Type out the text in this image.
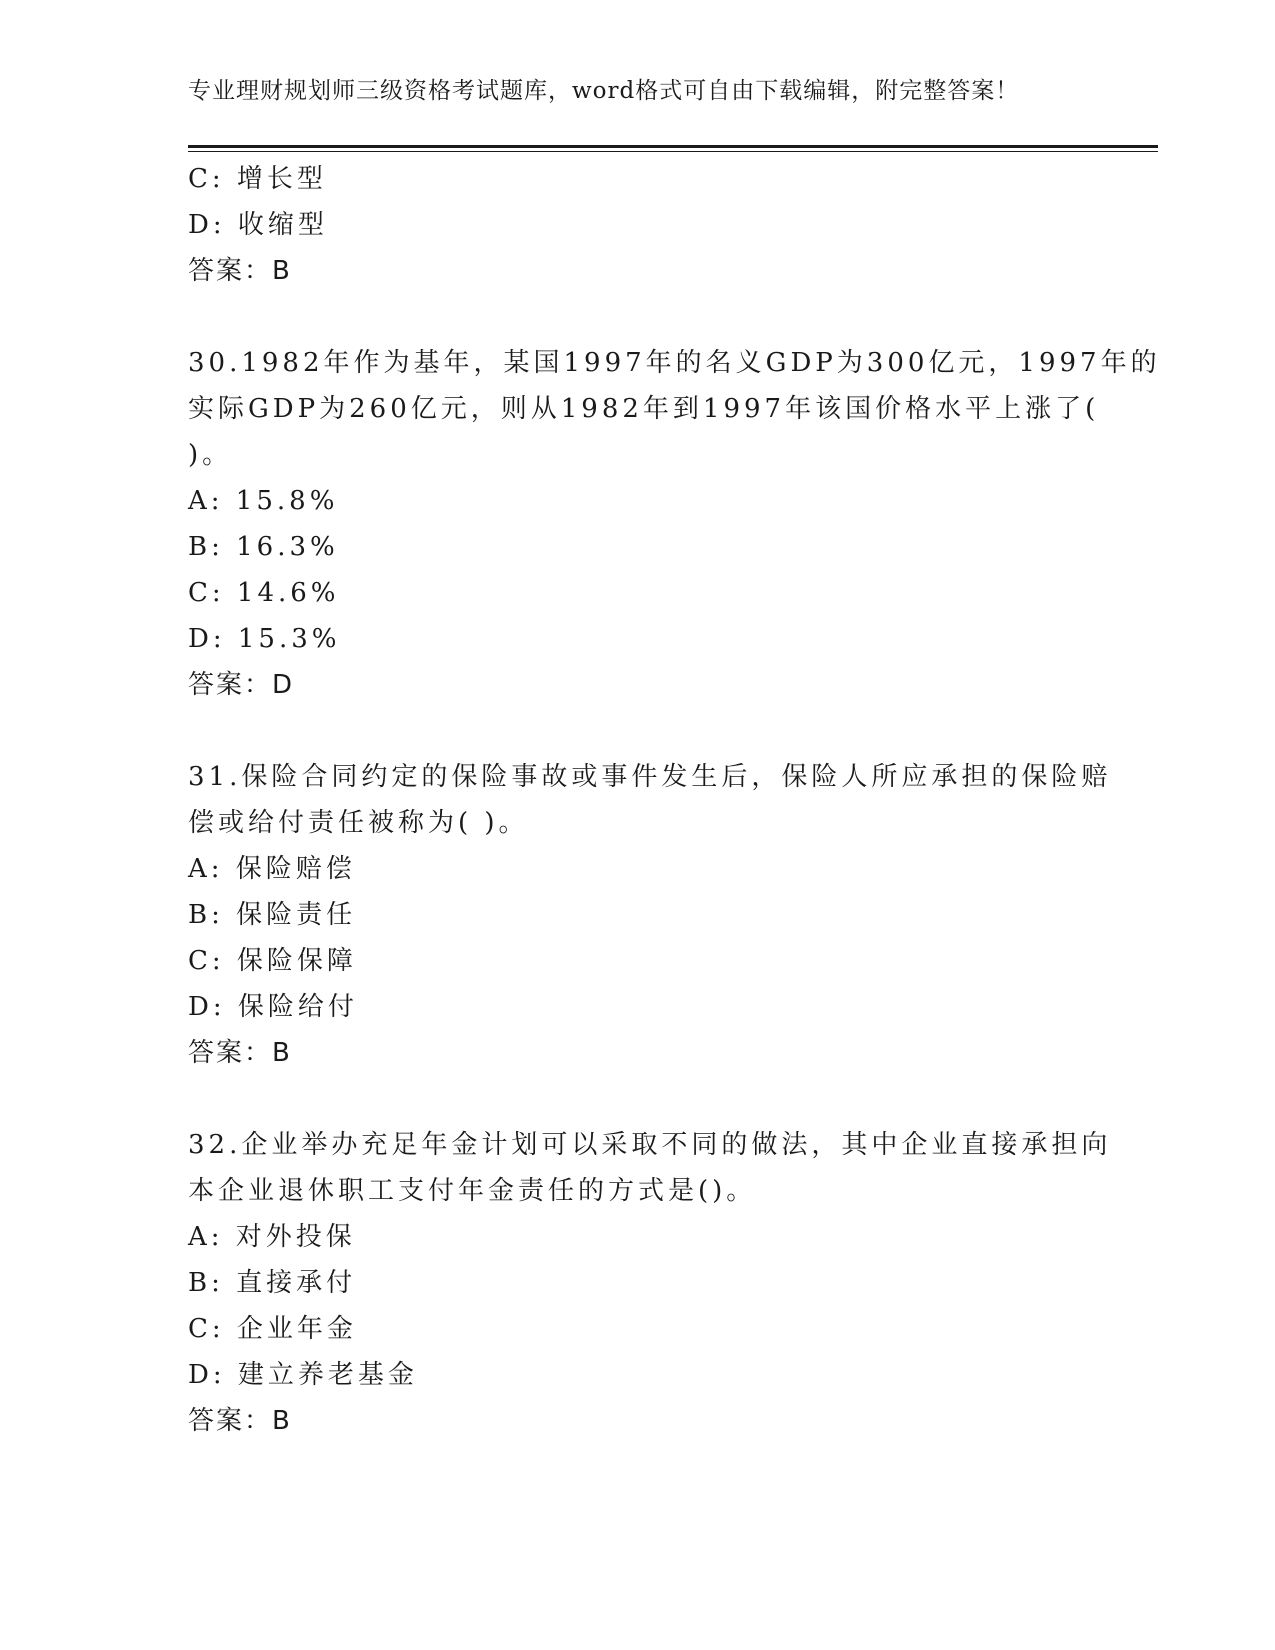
专业理财规划师三级资格考试题库，word格式可自由下载编辑，附完整答案！
C: 增长型
D: 收缩型
答案：B
30.1982年作为基年，某国1997年的名义GDP为300亿元，1997年的
实际GDP为260亿元，则从1982年到1997年该国价格水平上涨了(
)。
A: 15.8%
B: 16.3%
C: 14.6%
D: 15.3%
答案：D
31.保险合同约定的保险事故或事件发生后，保险人所应承担的保险赔
偿或给付责任被称为( )。
A: 保险赔偿
B: 保险责任
C: 保险保障
D: 保险给付
答案：B
32.企业举办充足年金计划可以采取不同的做法，其中企业直接承担向
本企业退休职工支付年金责任的方式是()。
A: 对外投保
B: 直接承付
C: 企业年金
D: 建立养老基金
答案：B
